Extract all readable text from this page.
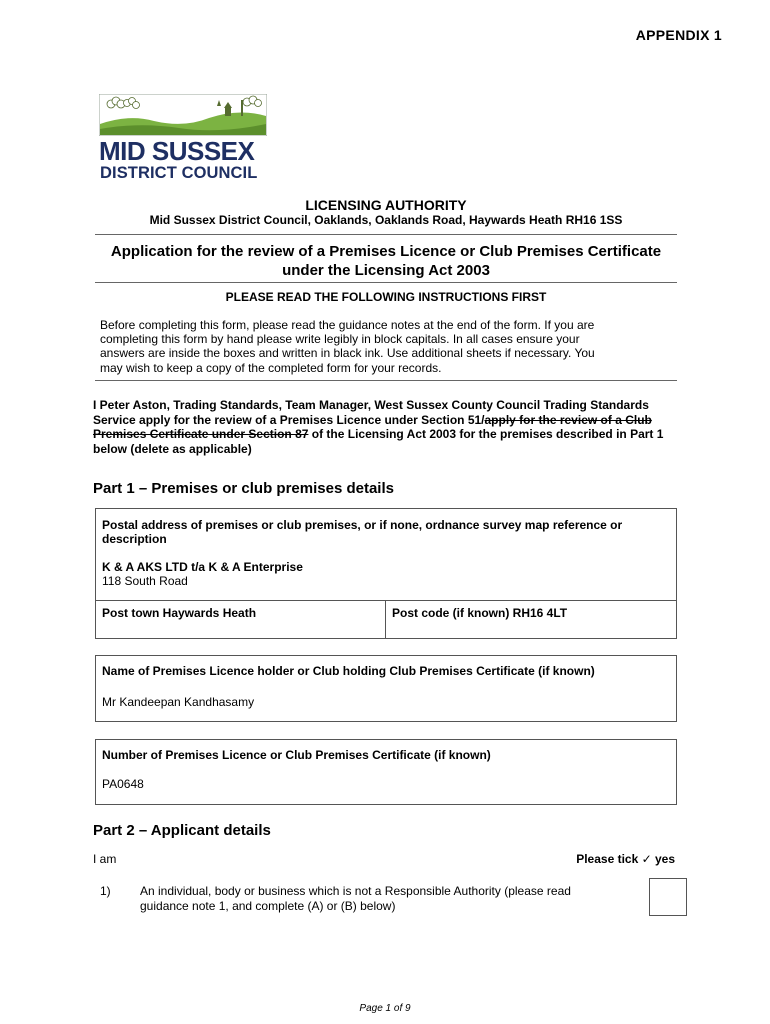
APPENDIX 1
MID SUSSEX
DISTRICT COUNCIL
LICENSING AUTHORITY
Mid Sussex District Council, Oaklands, Oaklands Road, Haywards Heath RH16 1SS
Application for the review of a Premises Licence or Club Premises Certificate
under the Licensing Act 2003
PLEASE READ THE FOLLOWING INSTRUCTIONS FIRST
Before completing this form, please read the guidance notes at the end of the form. If you are
completing this form by hand please write legibly in block capitals. In all cases ensure your
answers are inside the boxes and written in black ink. Use additional sheets if necessary. You
may wish to keep a copy of the completed form for your records.
I Peter Aston, Trading Standards, Team Manager, West Sussex County Council Trading Standards Service apply for the review of a Premises Licence under Section 51/apply for the review of a Club Premises Certificate under Section 87 of the Licensing Act 2003 for the premises described in Part 1 below (delete as applicable)
Part 1 – Premises or club premises details
Postal address of premises or club premises, or if none, ordnance survey map reference or description
K & A AKS LTD t/a K & A Enterprise
118 South Road
Post town Haywards Heath	Post code (if known) RH16 4LT
Name of Premises Licence holder or Club holding Club Premises Certificate (if known)
Mr Kandeepan Kandhasamy
Number of Premises Licence or Club Premises Certificate (if known)
PA0648
Part 2 – Applicant details
I am	Please tick ✓ yes
1) An individual, body or business which is not a Responsible Authority (please read
guidance note 1, and complete (A) or (B) below)
Page 1 of 9
